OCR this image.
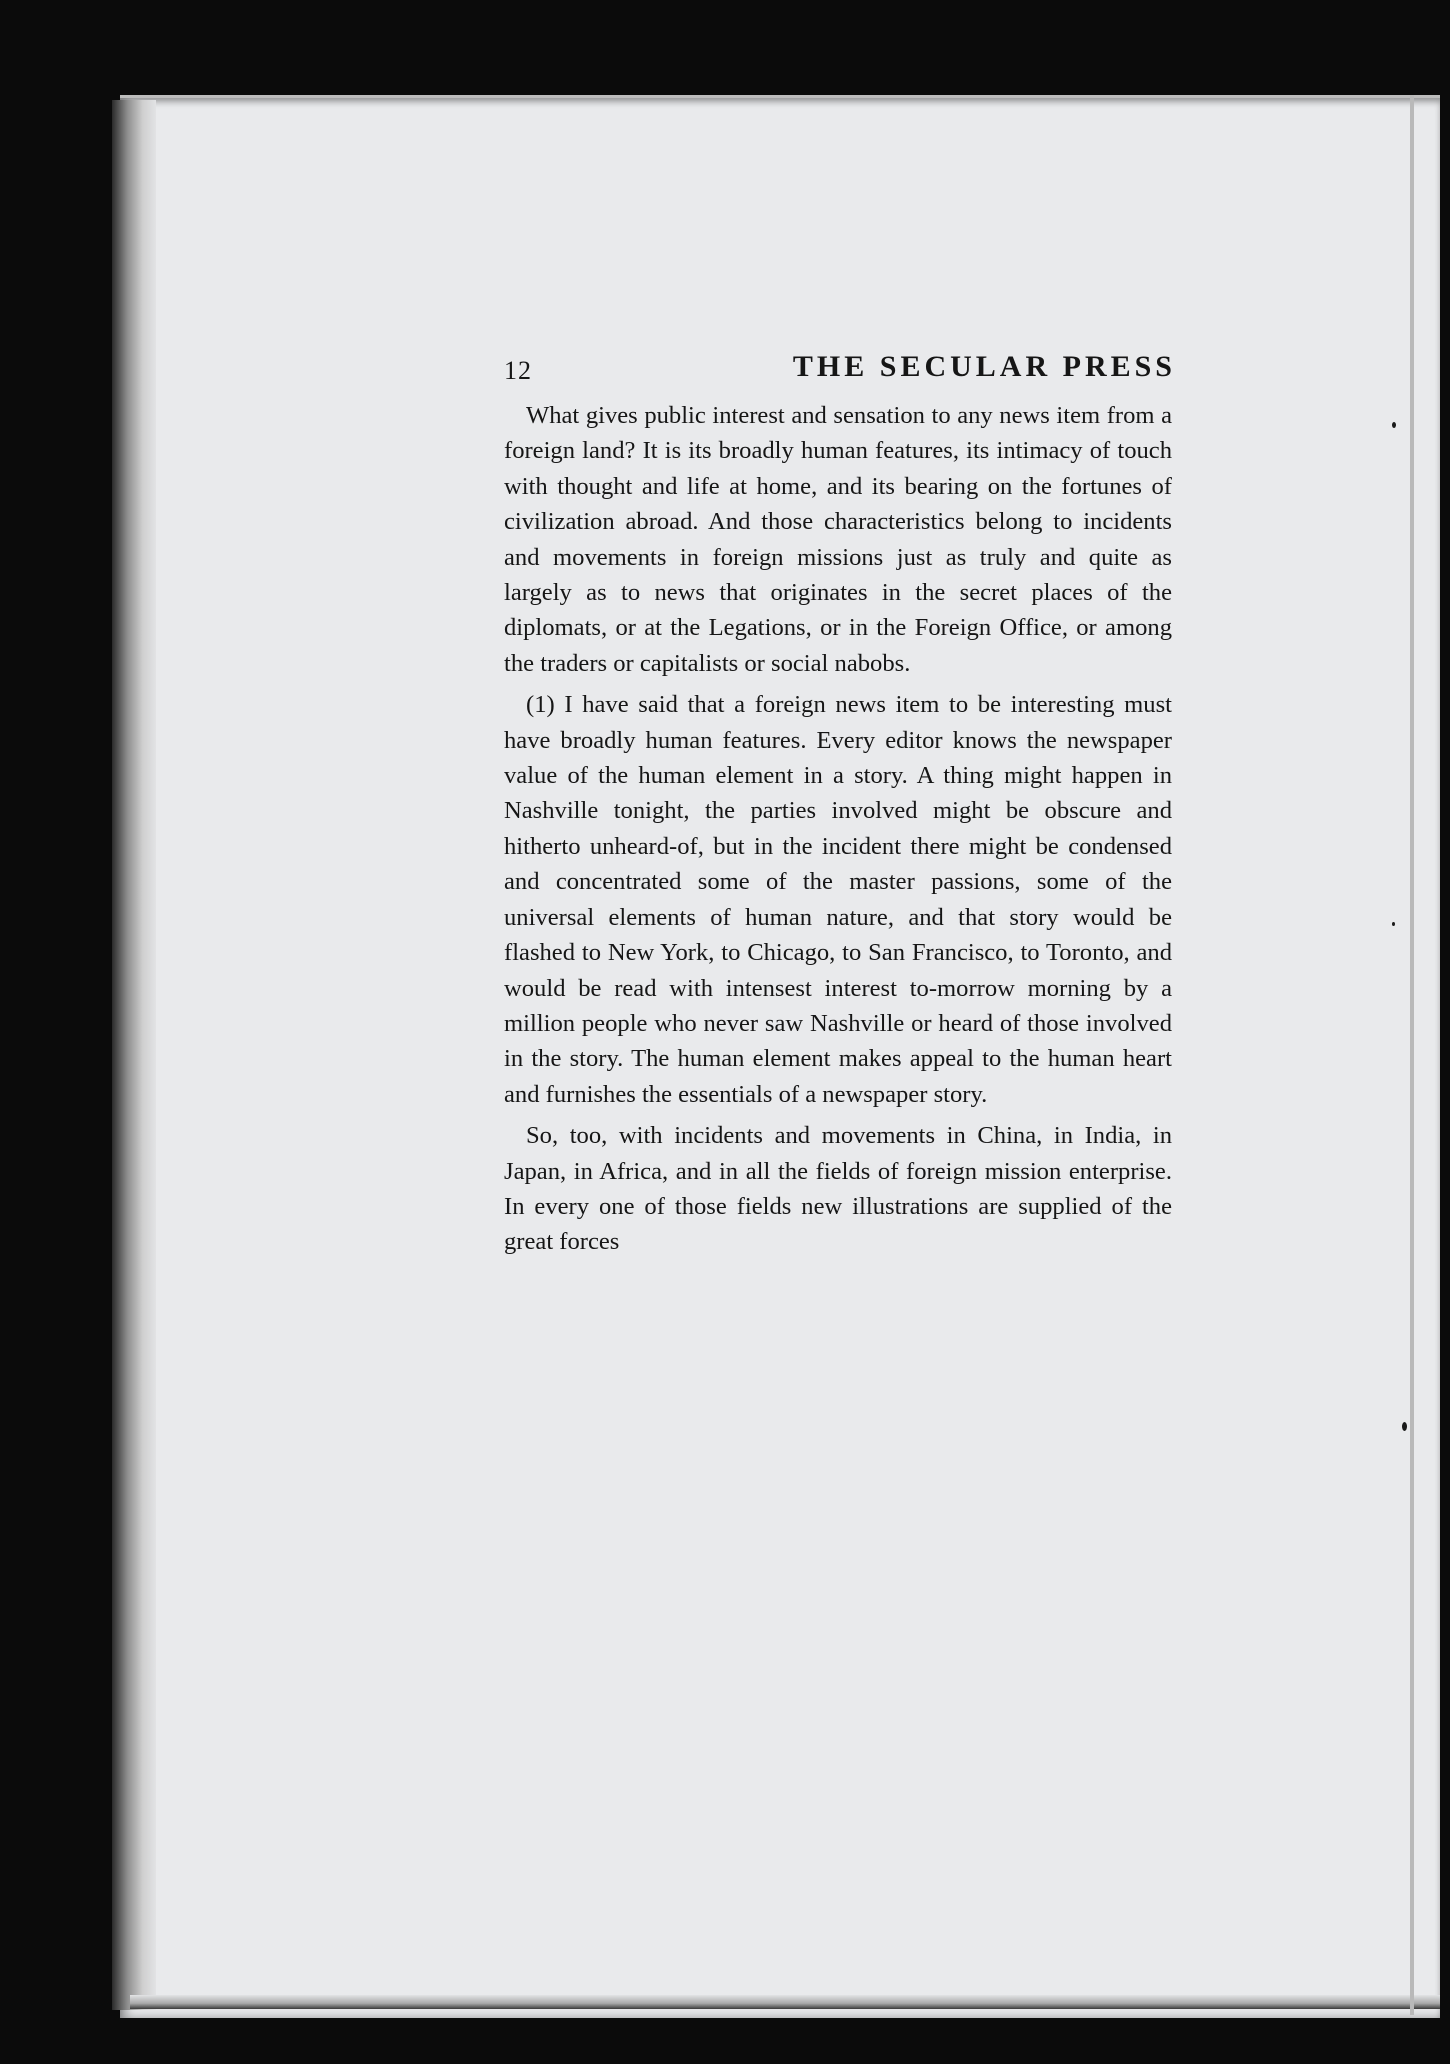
12	THE SECULAR PRESS

What gives public interest and sensation to any news item from a foreign land? It is its broadly human features, its intimacy of touch with thought and life at home, and its bearing on the fortunes of civilization abroad. And those characteristics belong to incidents and movements in foreign missions just as truly and quite as largely as to news that originates in the secret places of the diplomats, or at the Legations, or in the Foreign Office, or among the traders or capitalists or social nabobs.

(1) I have said that a foreign news item to be interesting must have broadly human features. Every editor knows the newspaper value of the human element in a story. A thing might happen in Nashville tonight, the parties involved might be obscure and hitherto unheard-of, but in the incident there might be condensed and concentrated some of the master passions, some of the universal elements of human nature, and that story would be flashed to New York, to Chicago, to San Francisco, to Toronto, and would be read with intensest interest to-morrow morning by a million people who never saw Nashville or heard of those involved in the story. The human element makes appeal to the human heart and furnishes the essentials of a newspaper story.

So, too, with incidents and movements in China, in India, in Japan, in Africa, and in all the fields of foreign mission enterprise. In every one of those fields new illustrations are supplied of the great forces
